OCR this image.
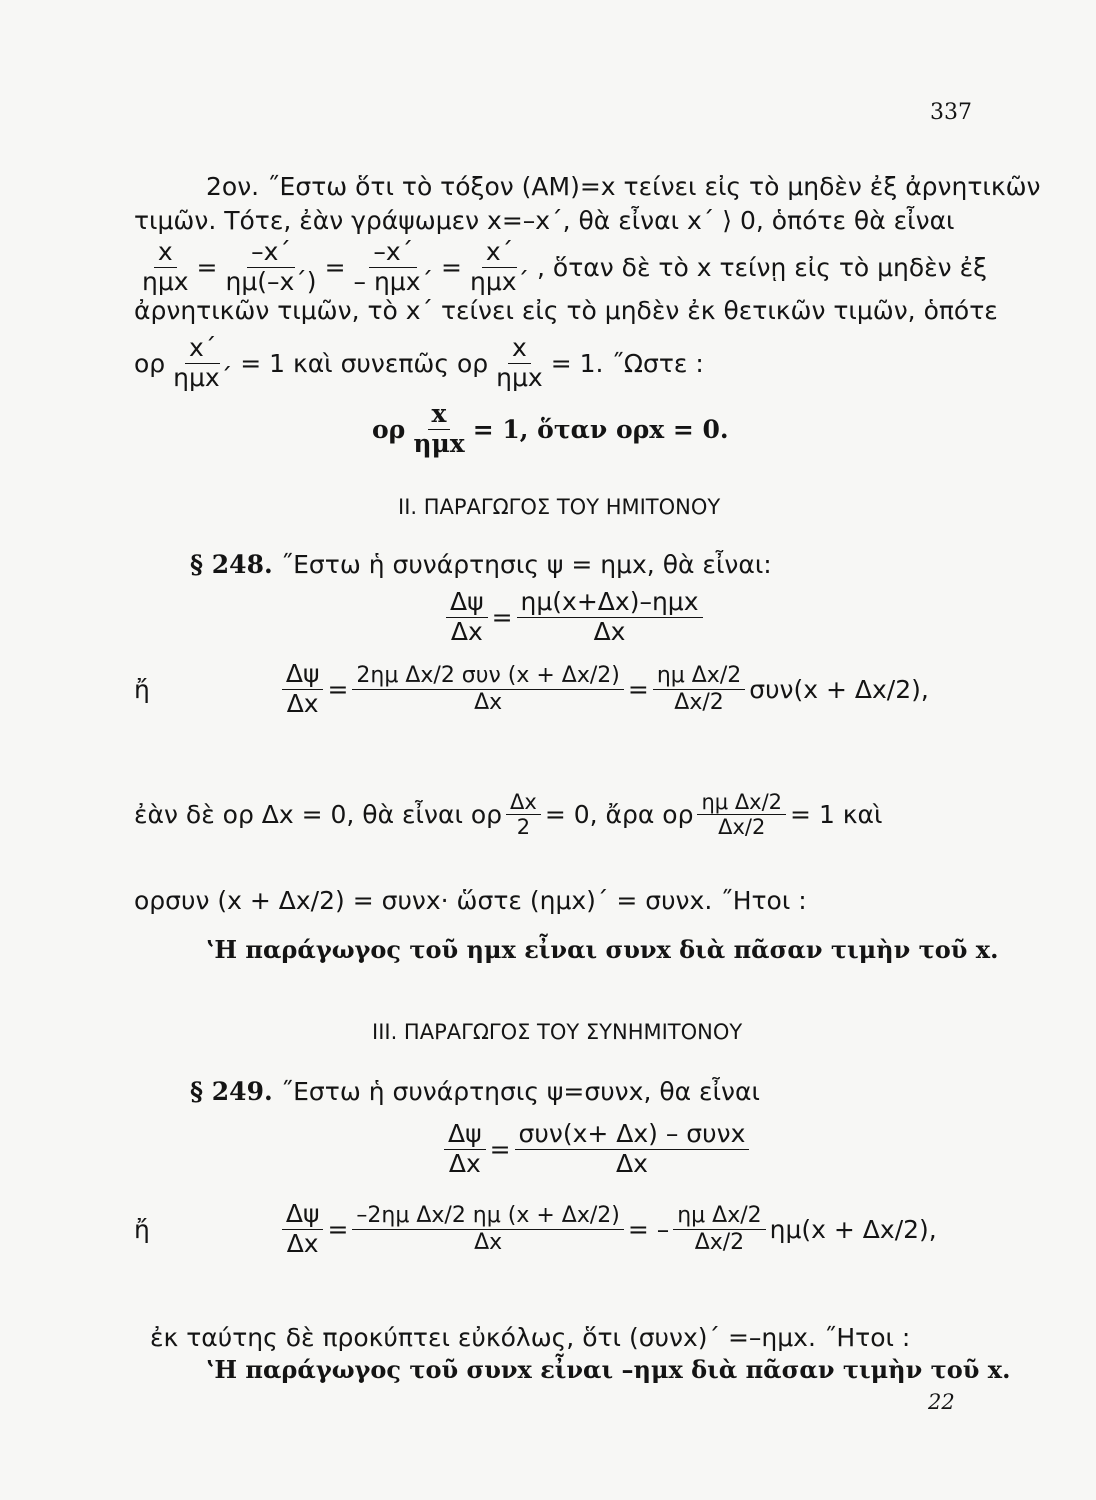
337
2ον. ˝Εστω ὅτι τὸ τόξον (ΑΜ)=x τείνει εἰς τὸ μηδὲν ἐξ ἀρνητικῶν
τιμῶν. Τότε, ἐὰν γράψωμεν x=–x΄, θὰ εἶναι x΄ ⟩ 0, ὁπότε θὰ εἶναι
$\frac{x}{\text{ημx}} = \frac{-x΄}{\eta\mu(-x΄)} = \frac{-x΄}{\text{– ημx΄}} = \frac{x΄}{\text{ημx΄}}$ , ὅταν δὲ τὸ x τείνῃ εἰς τὸ μηδὲν ἐξ
ἀρνητικῶν τιμῶν, τὸ x΄ τείνει εἰς τὸ μηδὲν ἐκ θετικῶν τιμῶν, ὁπότε
ορ $\frac{x΄}{\text{ημx΄}} = 1$ καὶ συνεπῶς ορ $\frac{x}{\text{ημx}} = 1$. ˝Ωστε :
ορ $\frac{x}{\text{ημx}} = 1$, ὅταν ορx = 0.
II. ΠΑΡΑΓΩΓΟΣ ΤΟΥ ΗΜΙΤΟΝΟΥ
§ 248. ˝Εστω ἡ συνάρτησις ψ = ημx, θὰ εἶναι:
$\frac{\Delta\psi}{\Delta x} = \frac{\text{ημ(x+Δx)–ημx}}{\Delta x}$
ἤ	$\frac{\Delta\psi}{\Delta x} = \frac{\text{2ημ Δx/2 συν (x + Δx/2)}}{\Delta x} = \frac{\text{ημ Δx/2}}{\Delta x/2} \sigma\upsilon\nu(x + \Delta x/2)$,
ἐὰν δὲ ορ Δx = 0, θὰ εἶναι ορ $\frac{\Delta x}{2} = 0$, ἄρα ορ $\frac{\text{ημ Δx/2}}{\Delta x/2} = 1$ καὶ
ορσυν (x + Δx/2) = συνx· ὥστε (ημx)΄ = συνx. ˝Ητοι :
ʽΗ παράγωγος τοῦ ημx εἶναι συνx διὰ πᾶσαν τιμὴν τοῦ x.
III. ΠΑΡΑΓΩΓΟΣ ΤΟΥ ΣΥΝΗΜΙΤΟΝΟΥ
§ 249. ˝Εστω ἡ συνάρτησις ψ=συνx, θα εἶναι
$\frac{\Delta\psi}{\Delta x} = \frac{\text{συν(x+ Δx) – συνx}}{\Delta x}$
ἤ	$\frac{\Delta\psi}{\Delta x} = \frac{\text{–2ημ Δx/2 ημ (x + Δx/2)}}{\Delta x}$ = – $\frac{\text{ημ Δx/2}}{\Delta x/2} \eta\mu(x + \Delta x/2)$,
ἐκ ταύτης δὲ προκύπτει εὐκόλως, ὅτι (συνx)΄ =–ημx. ˝Ητοι :
ʽΗ παράγωγος τοῦ συνx εἶναι –ημx διὰ πᾶσαν τιμὴν τοῦ x.
22
